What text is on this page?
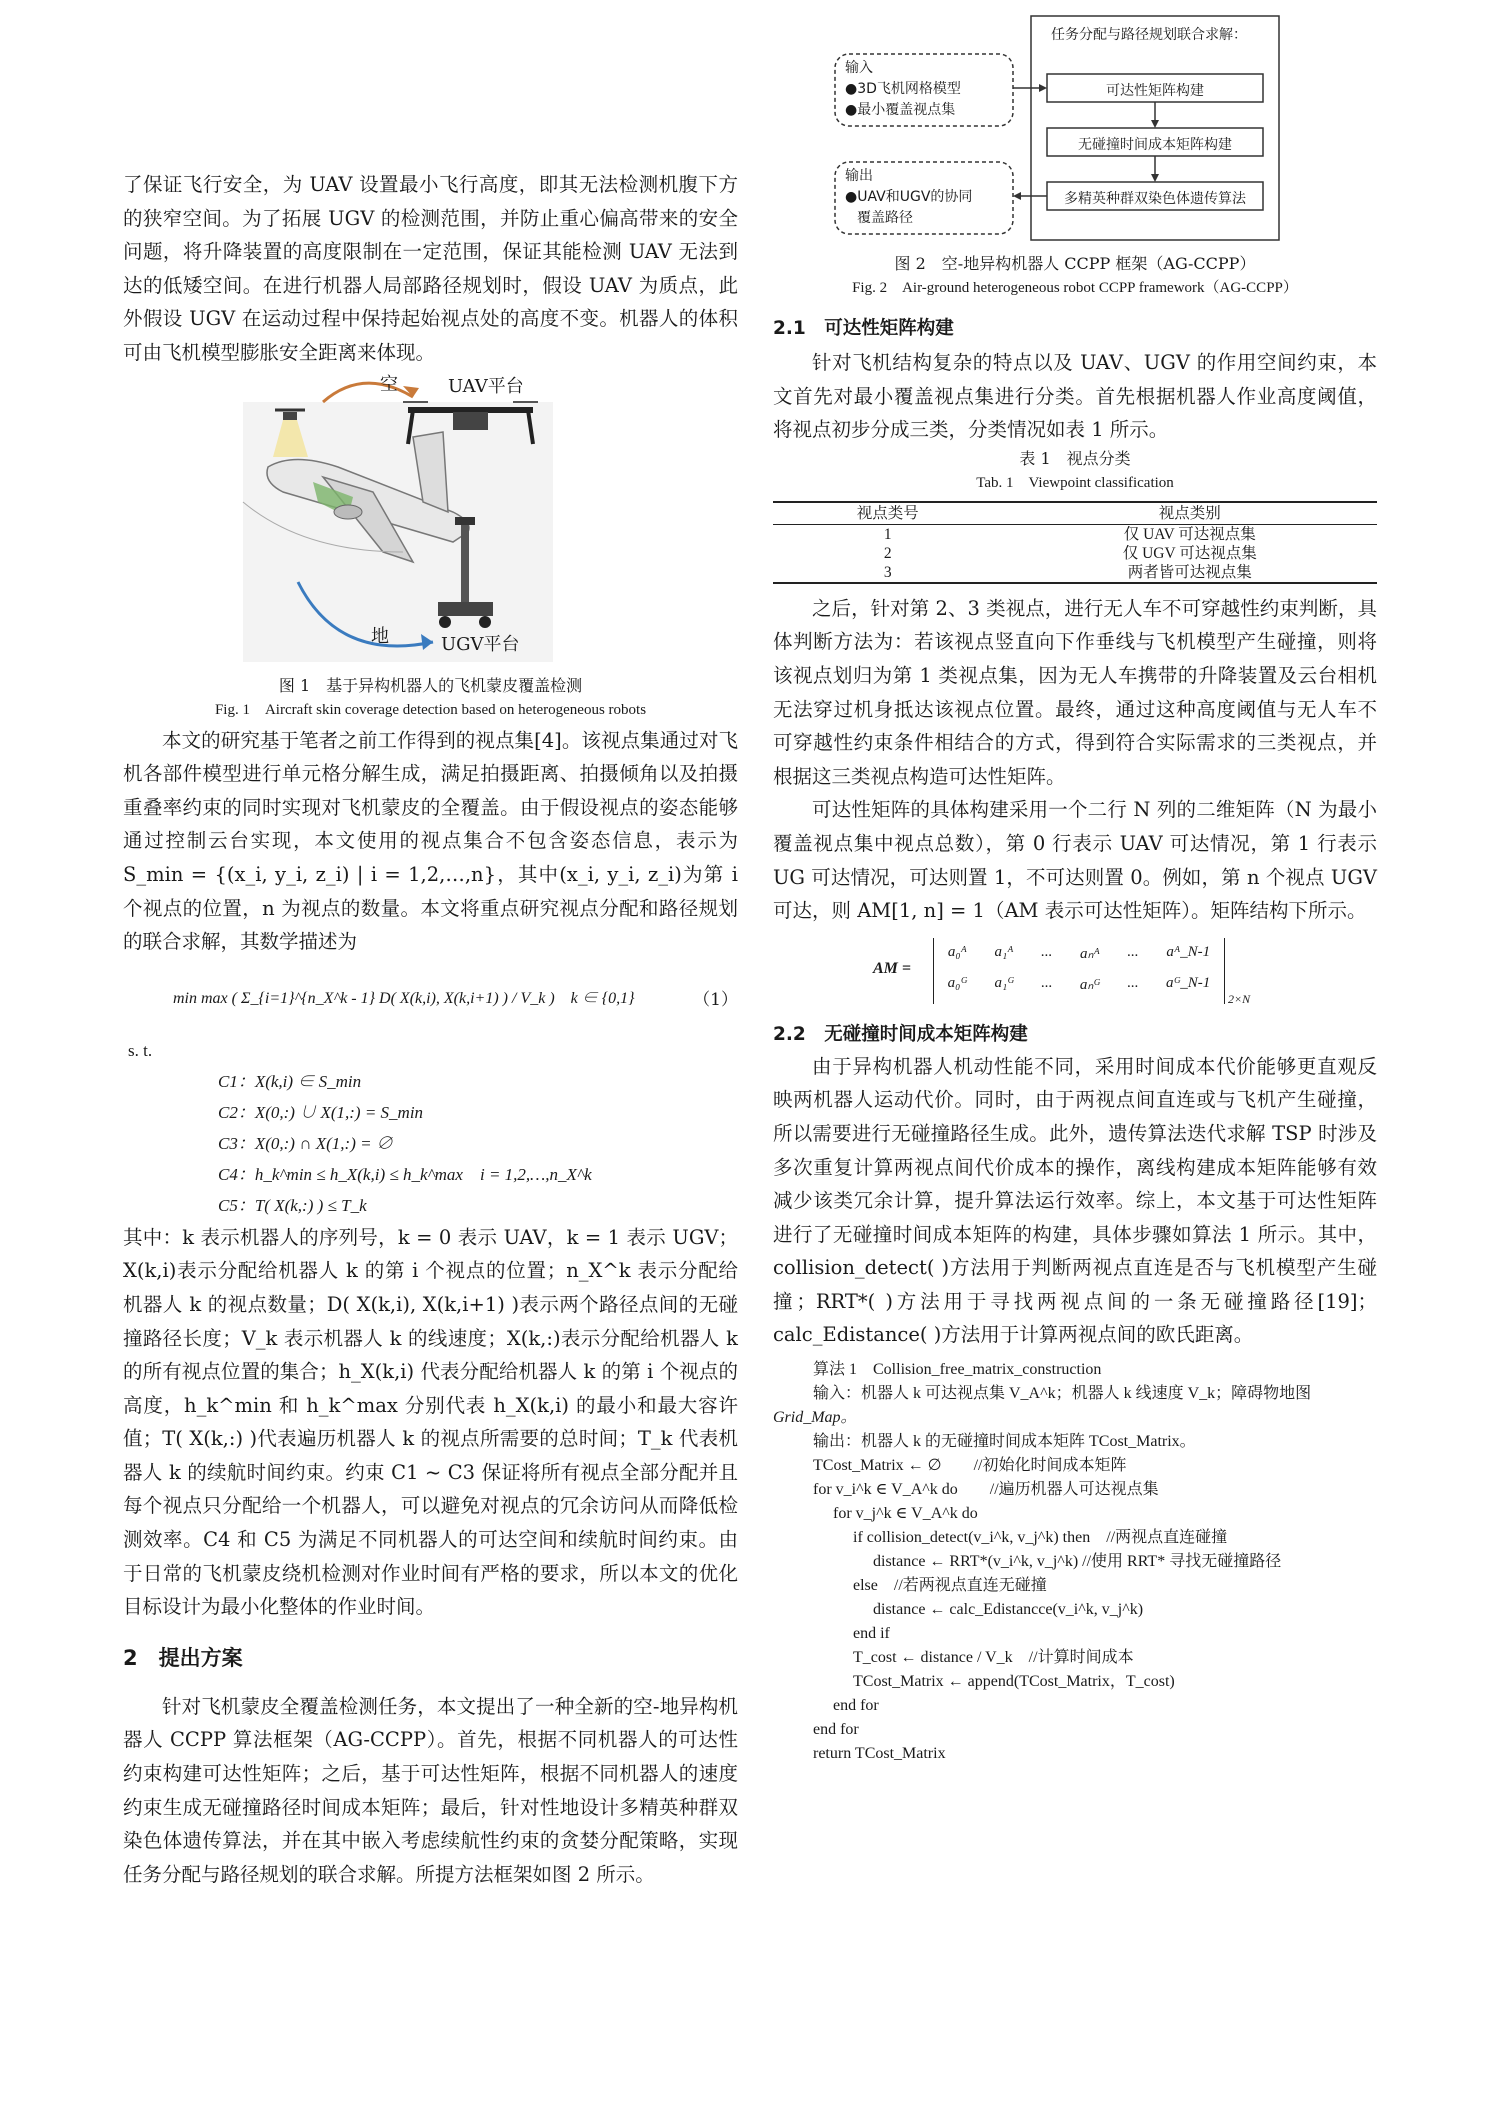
了保证飞行安全，为 UAV 设置最小飞行高度，即其无法检测机腹下方的狭窄空间。为了拓展 UGV 的检测范围，并防止重心偏高带来的安全问题，将升降装置的高度限制在一定范围，保证其能检测 UAV 无法到达的低矮空间。在进行机器人局部路径规划时，假设 UAV 为质点，此外假设 UGV 在运动过程中保持起始视点处的高度不变。机器人的体积可由飞机模型膨胀安全距离来体现。

空	UAV平台
地	UGV平台

图 1　基于异构机器人的飞机蒙皮覆盖检测

Fig. 1　Aircraft skin coverage detection based on heterogeneous robots

本文的研究基于笔者之前工作得到的视点集[4]。该视点集通过对飞机各部件模型进行单元格分解生成，满足拍摄距离、拍摄倾角以及拍摄重叠率约束的同时实现对飞机蒙皮的全覆盖。由于假设视点的姿态能够通过控制云台实现，本文使用的视点集合不包含姿态信息，表示为 S_min = {(x_i, y_i, z_i) | i = 1,2,…,n}，其中(x_i, y_i, z_i)为第 i 个视点的位置，n 为视点的数量。本文将重点研究视点分配和路径规划的联合求解，其数学描述为

min max ( Σ_{i=1}^{n_X^k - 1} D( X(k,i), X(k,i+1) ) / V_k )　k ∈ {0,1}	（1）
s. t.
C1：X(k,i) ∈ S_min
C2：X(0,:) ∪ X(1,:) = S_min
C3：X(0,:) ∩ X(1,:) = ∅
C4：h_k^min ≤ h_X(k,i) ≤ h_k^max　i = 1,2,…,n_X^k
C5：T( X(k,:) ) ≤ T_k

其中：k 表示机器人的序列号，k = 0 表示 UAV，k = 1 表示 UGV；X(k,i)表示分配给机器人 k 的第 i 个视点的位置；n_X^k 表示分配给机器人 k 的视点数量；D( X(k,i), X(k,i+1) )表示两个路径点间的无碰撞路径长度；V_k 表示机器人 k 的线速度；X(k,:)表示分配给机器人 k 的所有视点位置的集合；h_X(k,i) 代表分配给机器人 k 的第 i 个视点的高度，h_k^min 和 h_k^max 分别代表 h_X(k,i) 的最小和最大容许值；T( X(k,:) )代表遍历机器人 k 的视点所需要的总时间；T_k 代表机器人 k 的续航时间约束。约束 C1 ~ C3 保证将所有视点全部分配并且每个视点只分配给一个机器人，可以避免对视点的冗余访问从而降低检测效率。C4 和 C5 为满足不同机器人的可达空间和续航时间约束。由于日常的飞机蒙皮绕机检测对作业时间有严格的要求，所以本文的优化目标设计为最小化整体的作业时间。

2　提出方案

针对飞机蒙皮全覆盖检测任务，本文提出了一种全新的空-地异构机器人 CCPP 算法框架（AG-CCPP）。首先，根据不同机器人的可达性约束构建可达性矩阵；之后，基于可达性矩阵，根据不同机器人的速度约束生成无碰撞路径时间成本矩阵；最后，针对性地设计多精英种群双染色体遗传算法，并在其中嵌入考虑续航性约束的贪婪分配策略，实现任务分配与路径规划的联合求解。所提方法框架如图 2 所示。

任务分配与路径规划联合求解：
可达性矩阵构建
无碰撞时间成本矩阵构建
多精英种群双染色体遗传算法
输入
●3D飞机网格模型
●最小覆盖视点集
输出
●UAV和UGV的协同
覆盖路径

图 2　空-地异构机器人 CCPP 框架（AG-CCPP）

Fig. 2　Air-ground heterogeneous robot CCPP framework（AG-CCPP）

2.1　可达性矩阵构建

针对飞机结构复杂的特点以及 UAV、UGV 的作用空间约束，本文首先对最小覆盖视点集进行分类。首先根据机器人作业高度阈值，将视点初步分成三类，分类情况如表 1 所示。

表 1　视点分类

Tab. 1　Viewpoint classification

视点类号	视点类别
1	仅 UAV 可达视点集
2	仅 UGV 可达视点集
3	两者皆可达视点集

之后，针对第 2、3 类视点，进行无人车不可穿越性约束判断，具体判断方法为：若该视点竖直向下作垂线与飞机模型产生碰撞，则将该视点划归为第 1 类视点集，因为无人车携带的升降装置及云台相机无法穿过机身抵达该视点位置。最终，通过这种高度阈值与无人车不可穿越性约束条件相结合的方式，得到符合实际需求的三类视点，并根据这三类视点构造可达性矩阵。

可达性矩阵的具体构建采用一个二行 N 列的二维矩阵（N 为最小覆盖视点集中视点总数），第 0 行表示 UAV 可达情况，第 1 行表示 UG 可达情况，可达则置 1，不可达则置 0。例如，第 n 个视点 UGV 可达，则 AM[1, n] = 1（AM 表示可达性矩阵）。矩阵结构下所示。

AM =
a₀ᴬ a₁ᴬ ... aₙᴬ ... aᴬ_N-1
a₀ᴳ a₁ᴳ ... aₙᴳ ... aᴳ_N-1
2×N

2.2　无碰撞时间成本矩阵构建

由于异构机器人机动性能不同，采用时间成本代价能够更直观反映两机器人运动代价。同时，由于两视点间直连或与飞机产生碰撞，所以需要进行无碰撞路径生成。此外，遗传算法迭代求解 TSP 时涉及多次重复计算两视点间代价成本的操作，离线构建成本矩阵能够有效减少该类冗余计算，提升算法运行效率。综上，本文基于可达性矩阵进行了无碰撞时间成本矩阵的构建，具体步骤如算法 1 所示。其中，collision_detect( )方法用于判断两视点直连是否与飞机模型产生碰撞；RRT*( )方法用于寻找两视点间的一条无碰撞路径[19]；calc_Edistance( )方法用于计算两视点间的欧氏距离。

算法 1　Collision_free_matrix_construction
输入：机器人 k 可达视点集 V_A^k；机器人 k 线速度 V_k；障碍物地图
Grid_Map。
输出：机器人 k 的无碰撞时间成本矩阵 TCost_Matrix。
TCost_Matrix ← ∅　　//初始化时间成本矩阵
for v_i^k ∈ V_A^k do　　//遍历机器人可达视点集
for v_j^k ∈ V_A^k do
if collision_detect(v_i^k, v_j^k) then　//两视点直连碰撞
distance ← RRT*(v_i^k, v_j^k) //使用 RRT* 寻找无碰撞路径
else　//若两视点直连无碰撞
distance ← calc_Edistancce(v_i^k, v_j^k)
end if
T_cost ← distance / V_k　//计算时间成本
TCost_Matrix ← append(TCost_Matrix，T_cost)
end for
end for
return TCost_Matrix
